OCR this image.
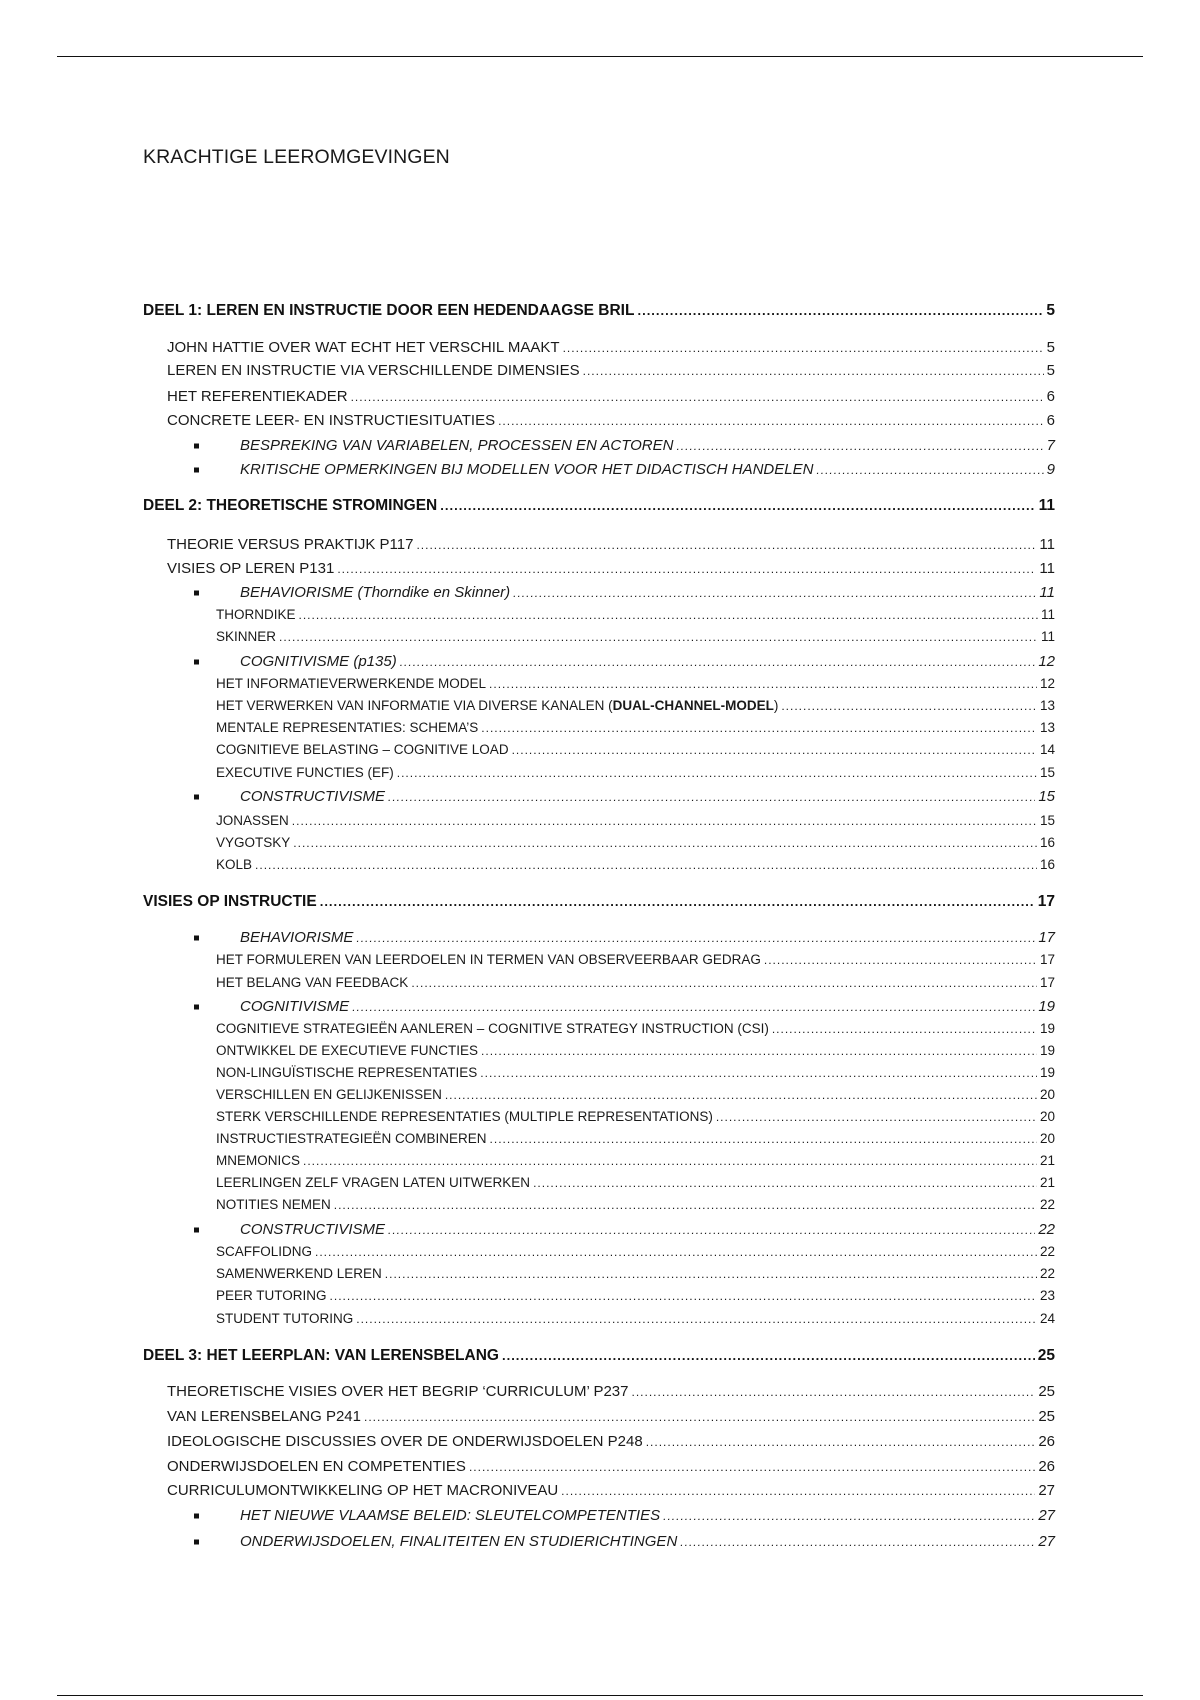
KRACHTIGE LEEROMGEVINGEN
DEEL 1: LEREN EN INSTRUCTIE DOOR EEN HEDENDAAGSE BRIL .....	5
JOHN HATTIE OVER WAT ECHT HET VERSCHIL MAAKT .....	5
LEREN EN INSTRUCTIE VIA VERSCHILLENDE DIMENSIES .....	5
HET REFERENTIEKADER .....	6
CONCRETE LEER- EN INSTRUCTIESITUATIES .....	6
BESPREKING VAN VARIABELEN, PROCESSEN EN ACTOREN .....	7
KRITISCHE OPMERKINGEN BIJ MODELLEN VOOR HET DIDACTISCH HANDELEN .....	9
DEEL 2: THEORETISCHE STROMINGEN .....	11
THEORIE VERSUS PRAKTIJK P117 .....	11
VISIES OP LEREN P131 .....	11
BEHAVIORISME (Thorndike en Skinner) .....	11
THORNDIKE .....	11
SKINNER .....	11
COGNITIVISME (p135) .....	12
HET INFORMATIEVERWERKENDE MODEL .....	12
HET VERWERKEN VAN INFORMATIE VIA DIVERSE KANALEN (DUAL-CHANNEL-MODEL) .....	13
MENTALE REPRESENTATIES: SCHEMA’S .....	13
COGNITIEVE BELASTING – COGNITIVE LOAD .....	14
EXECUTIVE FUNCTIES (EF) .....	15
CONSTRUCTIVISME .....	15
JONASSEN .....	15
VYGOTSKY .....	16
KOLB .....	16
VISIES OP INSTRUCTIE .....	17
BEHAVIORISME .....	17
HET FORMULEREN VAN LEERDOELEN IN TERMEN VAN OBSERVEERBAAR GEDRAG .....	17
HET BELANG VAN FEEDBACK .....	17
COGNITIVISME .....	19
COGNITIEVE STRATEGIEËN AANLEREN – COGNITIVE STRATEGY INSTRUCTION (CSI) .....	19
ONTWIKKEL DE EXECUTIEVE FUNCTIES .....	19
NON-LINGUÏSTISCHE REPRESENTATIES .....	19
VERSCHILLEN EN GELIJKENISSEN .....	20
STERK VERSCHILLENDE REPRESENTATIES (MULTIPLE REPRESENTATIONS) .....	20
INSTRUCTIESTRATEGIEËN COMBINEREN .....	20
MNEMONICS .....	21
LEERLINGEN ZELF VRAGEN LATEN UITWERKEN .....	21
NOTITIES NEMEN .....	22
CONSTRUCTIVISME .....	22
SCAFFOLIDNG .....	22
SAMENWERKEND LEREN .....	22
PEER TUTORING .....	23
STUDENT TUTORING .....	24
DEEL 3: HET LEERPLAN: VAN LERENSBELANG .....	25
THEORETISCHE VISIES OVER HET BEGRIP ‘CURRICULUM’ P237 .....	25
VAN LERENSBELANG P241 .....	25
IDEOLOGISCHE DISCUSSIES OVER DE ONDERWIJSDOELEN P248 .....	26
ONDERWIJSDOELEN EN COMPETENTIES .....	26
CURRICULUMONTWIKKELING OP HET MACRONIVEAU .....	27
HET NIEUWE VLAAMSE BELEID: SLEUTELCOMPETENTIES .....	27
ONDERWIJSDOELEN, FINALITEITEN EN STUDIERICHTINGEN .....	27
